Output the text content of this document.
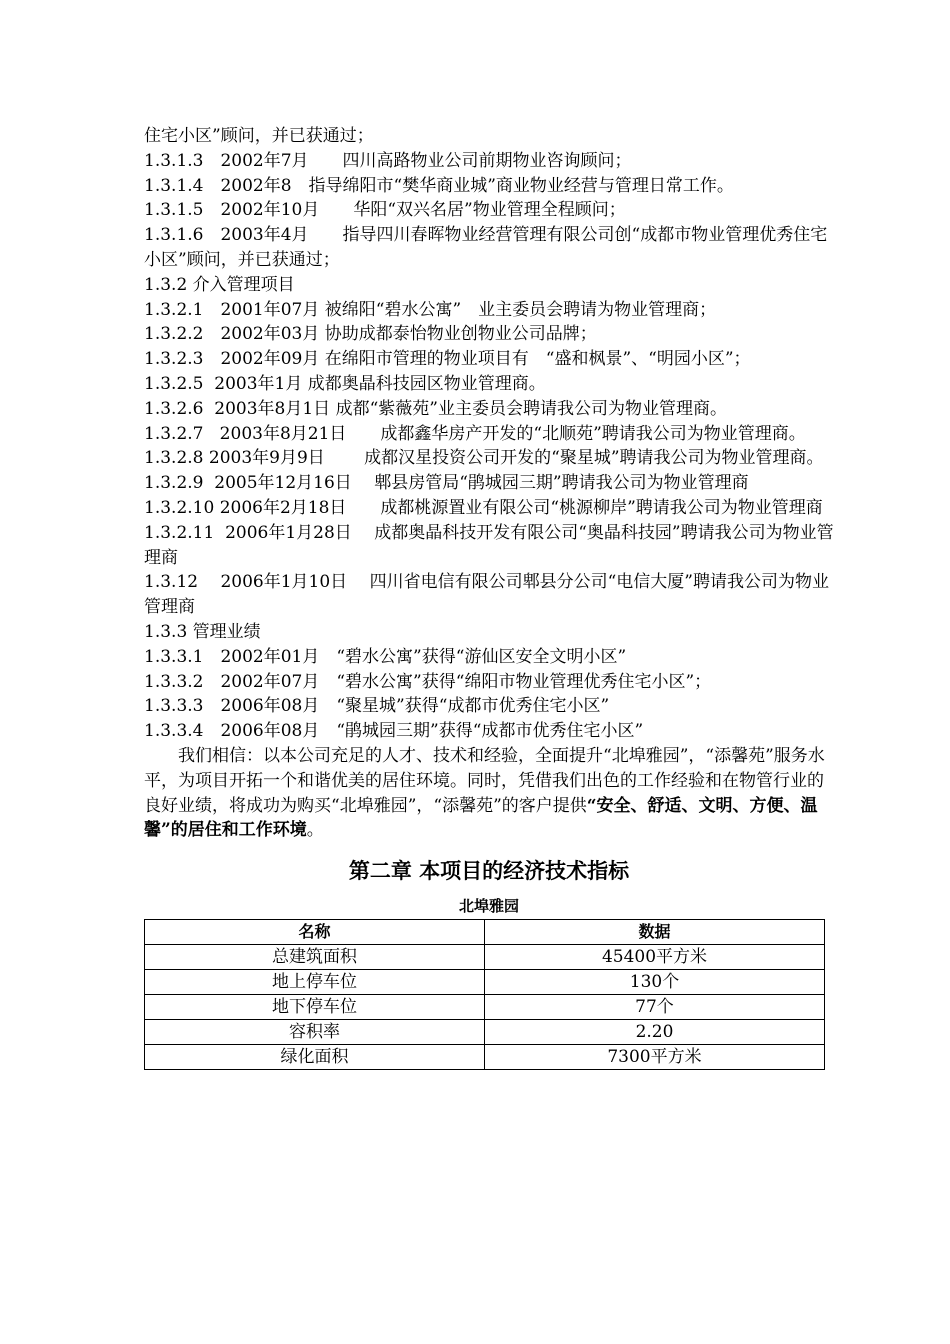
住宅小区”顾问，并已获通过；

1.3.1.3　2002年7月　　四川高路物业公司前期物业咨询顾问；

1.3.1.4　2002年8　指导绵阳市“樊华商业城”商业物业经营与管理日常工作。

1.3.1.5　2002年10月　　华阳“双兴名居”物业管理全程顾问；

1.3.1.6　2003年4月　　指导四川春晖物业经营管理有限公司创“成都市物业管理优秀住宅小区”顾问，并已获通过；

1.3.2 介入管理项目

1.3.2.1　2001年07月 被绵阳“碧水公寓”　业主委员会聘请为物业管理商；

1.3.2.2　2002年03月 协助成都泰怡物业创物业公司品牌；

1.3.2.3　2002年09月 在绵阳市管理的物业项目有　“盛和枫景”、“明园小区”；

1.3.2.5  2003年1月 成都奥晶科技园区物业管理商。

1.3.2.6  2003年8月1日 成都“紫薇苑”业主委员会聘请我公司为物业管理商。

1.3.2.7   2003年8月21日　　成都鑫华房产开发的“北顺苑”聘请我公司为物业管理商。

1.3.2.8 2003年9月9日　　 成都汉星投资公司开发的“聚星城”聘请我公司为物业管理商。

1.3.2.9  2005年12月16日　 郫县房管局“鹃城园三期”聘请我公司为物业管理商

1.3.2.10 2006年2月18日　　成都桃源置业有限公司“桃源柳岸”聘请我公司为物业管理商

1.3.2.11  2006年1月28日　 成都奥晶科技开发有限公司“奥晶科技园”聘请我公司为物业管理商

1.3.12　 2006年1月10日　 四川省电信有限公司郫县分公司“电信大厦”聘请我公司为物业管理商

1.3.3 管理业绩

1.3.3.1　2002年01月　“碧水公寓”获得“游仙区安全文明小区”

1.3.3.2　2002年07月　“碧水公寓”获得“绵阳市物业管理优秀住宅小区”；

1.3.3.3　2006年08月　“聚星城”获得“成都市优秀住宅小区”

1.3.3.4　2006年08月　“鹃城园三期”获得“成都市优秀住宅小区”

我们相信：以本公司充足的人才、技术和经验，全面提升“北埠雅园”，“添馨苑”服务水平，为项目开拓一个和谐优美的居住环境。同时，凭借我们出色的工作经验和在物管行业的良好业绩，将成功为购买“北埠雅园”，“添馨苑”的客户提供“安全、舒适、文明、方便、温馨”的居住和工作环境。

第二章 本项目的经济技术指标
北埠雅园
名称	数据
总建筑面积	45400平方米
地上停车位	130个
地下停车位	77个
容积率	2.20
绿化面积	7300平方米
